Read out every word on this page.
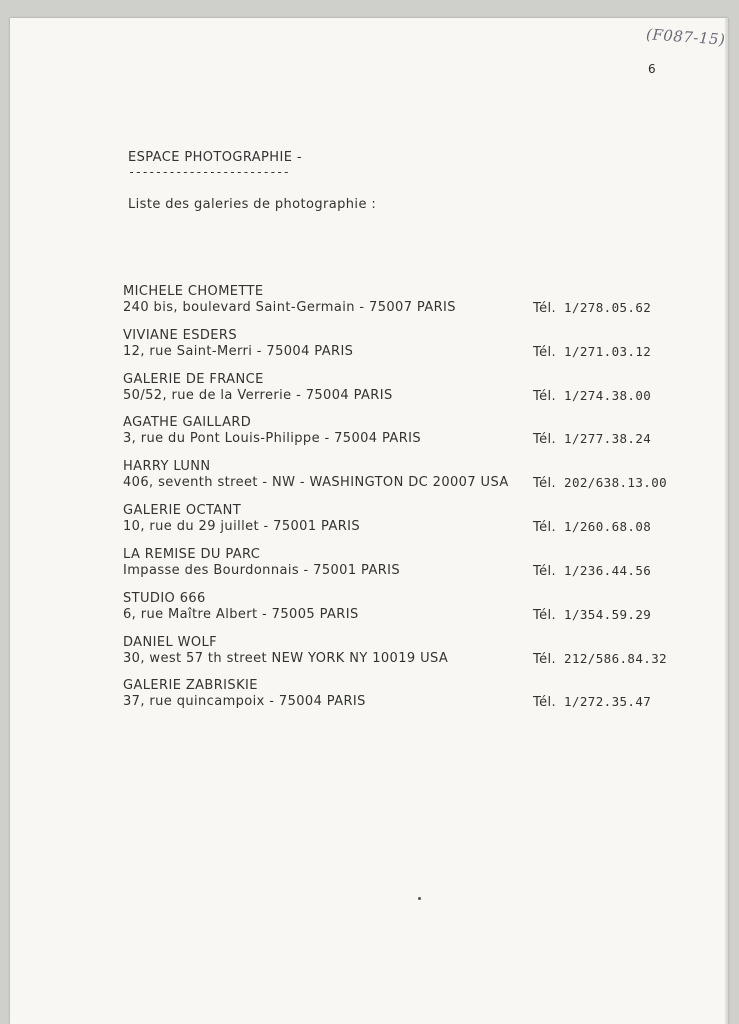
(F087-15)
6
ESPACE PHOTOGRAPHIE -
------------------------
Liste des galeries de photographie :
MICHELE CHOMETTE
240 bis, boulevard Saint-Germain - 75007 PARIS	Tél. 1/278.05.62
VIVIANE ESDERS
12, rue Saint-Merri - 75004 PARIS	Tél. 1/271.03.12
GALERIE DE FRANCE
50/52, rue de la Verrerie - 75004 PARIS	Tél. 1/274.38.00
AGATHE GAILLARD
3, rue du Pont Louis-Philippe - 75004 PARIS	Tél. 1/277.38.24
HARRY LUNN
406, seventh street - NW - WASHINGTON DC 20007 USA Tél. 202/638.13.00
GALERIE OCTANT
10, rue du 29 juillet - 75001 PARIS	Tél. 1/260.68.08
LA REMISE DU PARC
Impasse des Bourdonnais - 75001 PARIS	Tél. 1/236.44.56
STUDIO 666
6, rue Maître Albert - 75005 PARIS	Tél. 1/354.59.29
DANIEL WOLF
30, west 57 th street NEW YORK NY 10019 USA	Tél. 212/586.84.32
GALERIE ZABRISKIE
37, rue quincampoix - 75004 PARIS	Tél. 1/272.35.47
